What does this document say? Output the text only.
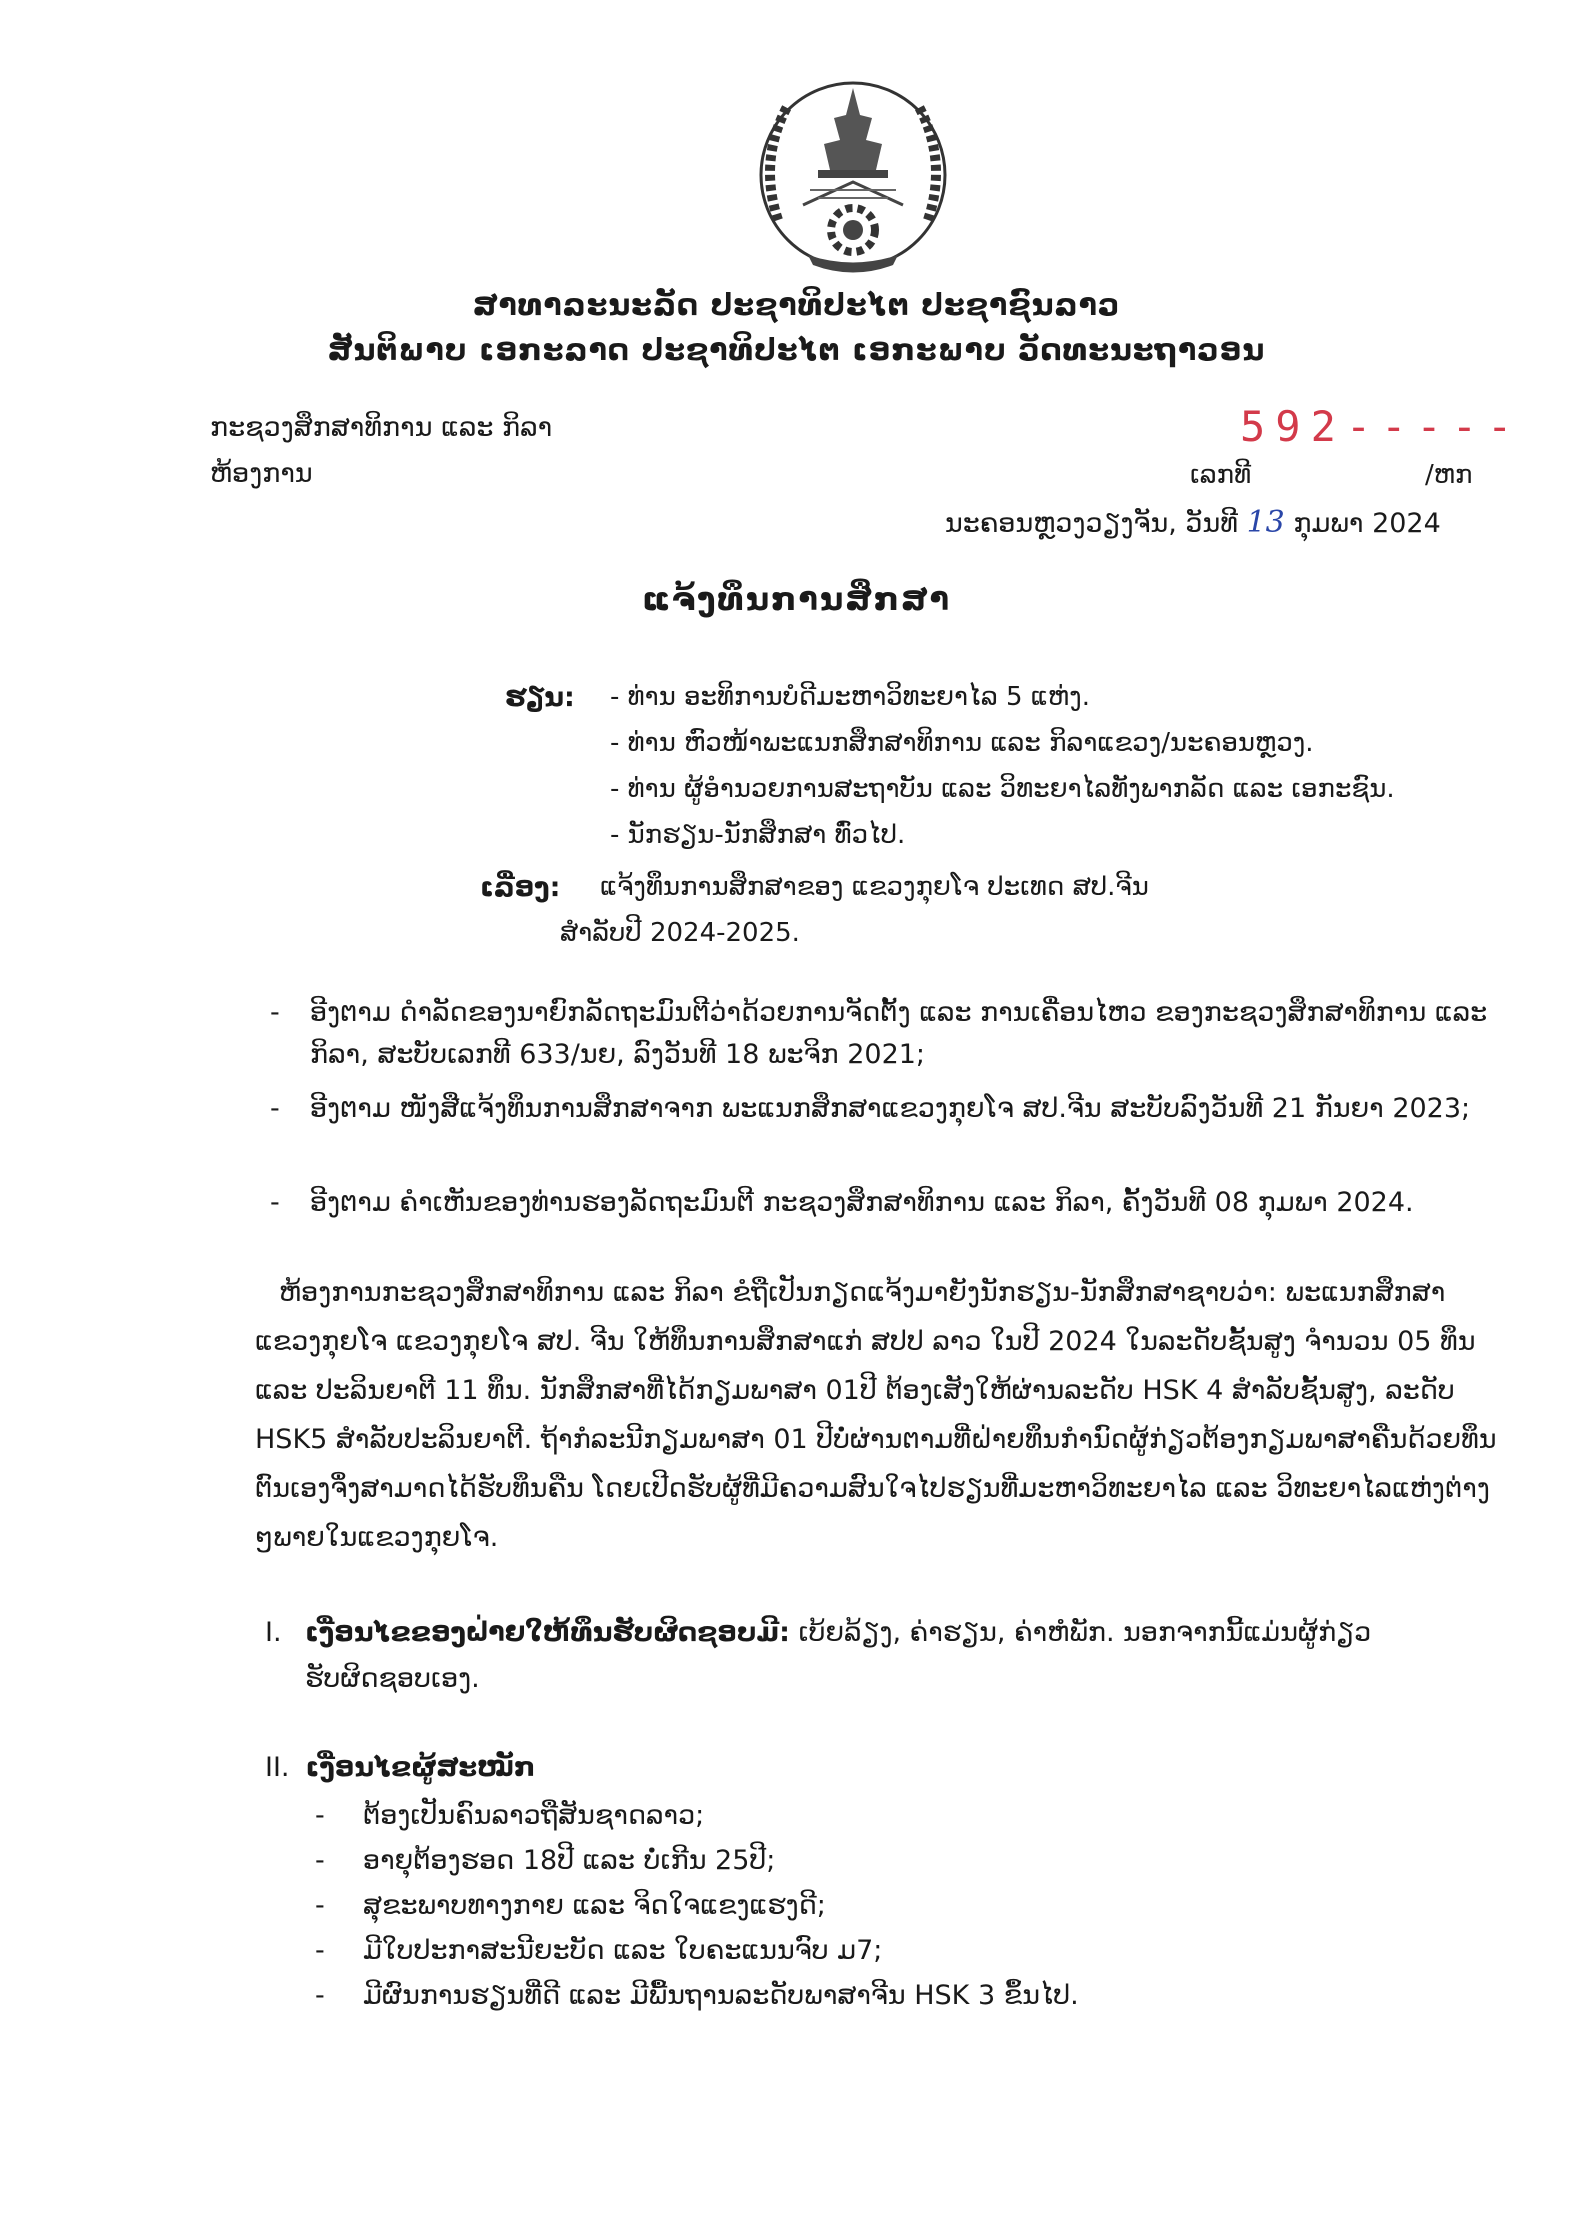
ສາທາລະນະລັດ ປະຊາທິປະໄຕ ປະຊາຊົນລາວ
ສັນຕິພາບ ເອກະລາດ ປະຊາທິປະໄຕ ເອກະພາບ ວັດທະນະຖາວອນ
ກະຊວງສຶກສາທິການ ແລະ ກິລາ
ຫ້ອງການ
592-----
ເລກທີ	/ຫກ
ນະຄອນຫຼວງວຽງຈັນ, ວັນທີ 13 ກຸມພາ 2024
ແຈ້ງທຶນການສຶກສາ
ຮຽນ: - ທ່ານ ອະທິການບໍດີມະຫາວິທະຍາໄລ 5 ແຫ່ງ.
- ທ່ານ ຫົວໜ້າພະແນກສຶກສາທິການ ແລະ ກິລາແຂວງ/ນະຄອນຫຼວງ.
- ທ່ານ ຜູ້ອໍານວຍການສະຖາບັນ ແລະ ວິທະຍາໄລທັງພາກລັດ ແລະ ເອກະຊົນ.
- ນັກຮຽນ-ນັກສຶກສາ ທົ່ວໄປ.
ເລື່ອງ: ແຈ້ງທຶນການສຶກສາຂອງ ແຂວງກຸຍໂຈ ປະເທດ ສປ.ຈີນ
ສໍາລັບປີ 2024-2025.
-	ອີງຕາມ ດໍາລັດຂອງນາຍົກລັດຖະມົນຕີວ່າດ້ວຍການຈັດຕັ້ງ ແລະ ການເຄື່ອນໄຫວ ຂອງກະຊວງສຶກສາທິການ ແລະ ກິລາ, ສະບັບເລກທີ 633/ນຍ, ລົງວັນທີ 18 ພະຈິກ 2021;
-	ອີງຕາມ ໜັງສືແຈ້ງທຶນການສຶກສາຈາກ ພະແນກສຶກສາແຂວງກຸຍໂຈ ສປ.ຈີນ ສະບັບລົງວັນທີ 21 ກັນຍາ 2023;
-	ອີງຕາມ ຄໍາເຫັນຂອງທ່ານຮອງລັດຖະມົນຕີ ກະຊວງສຶກສາທິການ ແລະ ກິລາ, ຄັ້ງວັນທີ 08 ກຸມພາ 2024.
ຫ້ອງການກະຊວງສຶກສາທິການ ແລະ ກິລາ ຂໍຖືເປັນກຽດແຈ້ງມາຍັງນັກຮຽນ-ນັກສຶກສາຊາບວ່າ: ພະແນກສຶກສາແຂວງກຸຍໂຈ ແຂວງກຸຍໂຈ ສປ. ຈີນ ໃຫ້ທຶນການສຶກສາແກ່ ສປປ ລາວ ໃນປີ 2024 ໃນລະດັບຊັ້ນສູງ ຈໍານວນ 05 ທຶນ ແລະ ປະລິນຍາຕີ 11 ທຶນ. ນັກສຶກສາທີ່ໄດ້ກຽມພາສາ 01ປີ ຕ້ອງເສັງໃຫ້ຜ່ານລະດັບ HSK 4 ສໍາລັບຊັ້ນສູງ, ລະດັບ HSK5 ສໍາລັບປະລິນຍາຕີ. ຖ້າກໍລະນີກຽມພາສາ 01 ປີບໍ່ຜ່ານຕາມທີ່ຝ່າຍທຶນກໍານົດຜູ້ກ່ຽວຕ້ອງກຽມພາສາຄືນດ້ວຍທຶນຕົນເອງຈຶ່ງສາມາດໄດ້ຮັບທຶນຄືນ ໂດຍເປີດຮັບຜູ້ທີ່ມີຄວາມສົນໃຈໄປຮຽນທີ່ມະຫາວິທະຍາໄລ ແລະ ວິທະຍາໄລແຫ່ງຕ່າງໆພາຍໃນແຂວງກຸຍໂຈ.
I. ເງື່ອນໄຂຂອງຝ່າຍໃຫ້ທຶນຮັບຜິດຊອບມີ: ເບ້ຍລ້ຽງ, ຄ່າຮຽນ, ຄ່າຫໍພັກ. ນອກຈາກນີ້ແມ່ນຜູ້ກ່ຽວຮັບຜິດຊອບເອງ.
II. ເງື່ອນໄຂຜູ້ສະໝັກ
- ຕ້ອງເປັນຄົນລາວຖືສັນຊາດລາວ;
- ອາຍຸຕ້ອງຮອດ 18ປີ ແລະ ບໍ່ເກີນ 25ປີ;
- ສຸຂະພາບທາງກາຍ ແລະ ຈິດໃຈແຂງແຮງດີ;
- ມີໃບປະກາສະນີຍະບັດ ແລະ ໃບຄະແນນຈົບ ມ7;
- ມີຜົນການຮຽນທີ່ດີ ແລະ ມີພື້ນຖານລະດັບພາສາຈີນ HSK 3 ຂຶ້ນໄປ.
